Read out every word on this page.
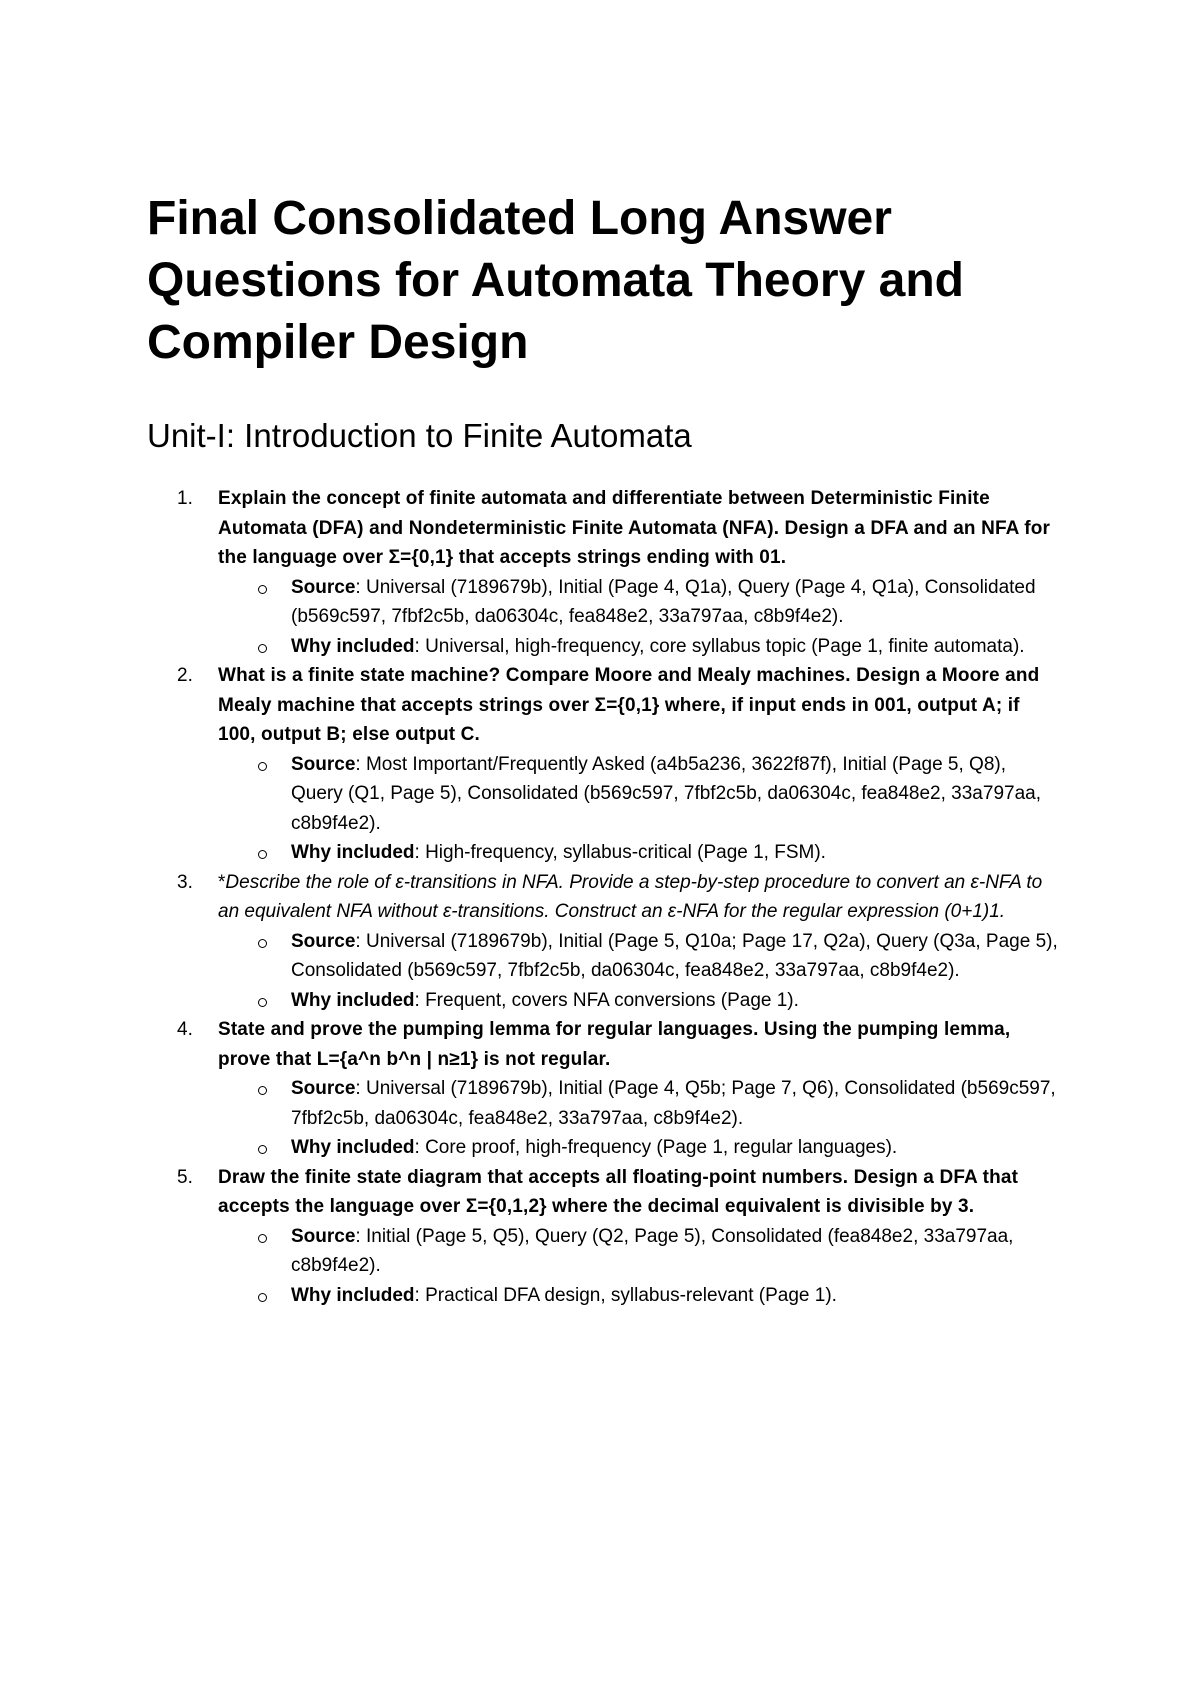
Final Consolidated Long Answer Questions for Automata Theory and Compiler Design
Unit-I: Introduction to Finite Automata
1. Explain the concept of finite automata and differentiate between Deterministic Finite Automata (DFA) and Nondeterministic Finite Automata (NFA). Design a DFA and an NFA for the language over Σ={0,1} that accepts strings ending with 01.
Source: Universal (7189679b), Initial (Page 4, Q1a), Query (Page 4, Q1a), Consolidated (b569c597, 7fbf2c5b, da06304c, fea848e2, 33a797aa, c8b9f4e2).
Why included: Universal, high-frequency, core syllabus topic (Page 1, finite automata).
2. What is a finite state machine? Compare Moore and Mealy machines. Design a Moore and Mealy machine that accepts strings over Σ={0,1} where, if input ends in 001, output A; if 100, output B; else output C.
Source: Most Important/Frequently Asked (a4b5a236, 3622f87f), Initial (Page 5, Q8), Query (Q1, Page 5), Consolidated (b569c597, 7fbf2c5b, da06304c, fea848e2, 33a797aa, c8b9f4e2).
Why included: High-frequency, syllabus-critical (Page 1, FSM).
3. *Describe the role of ε-transitions in NFA. Provide a step-by-step procedure to convert an ε-NFA to an equivalent NFA without ε-transitions. Construct an ε-NFA for the regular expression (0+1)1.
Source: Universal (7189679b), Initial (Page 5, Q10a; Page 17, Q2a), Query (Q3a, Page 5), Consolidated (b569c597, 7fbf2c5b, da06304c, fea848e2, 33a797aa, c8b9f4e2).
Why included: Frequent, covers NFA conversions (Page 1).
4. State and prove the pumping lemma for regular languages. Using the pumping lemma, prove that L={a^n b^n | n≥1} is not regular.
Source: Universal (7189679b), Initial (Page 4, Q5b; Page 7, Q6), Consolidated (b569c597, 7fbf2c5b, da06304c, fea848e2, 33a797aa, c8b9f4e2).
Why included: Core proof, high-frequency (Page 1, regular languages).
5. Draw the finite state diagram that accepts all floating-point numbers. Design a DFA that accepts the language over Σ={0,1,2} where the decimal equivalent is divisible by 3.
Source: Initial (Page 5, Q5), Query (Q2, Page 5), Consolidated (fea848e2, 33a797aa, c8b9f4e2).
Why included: Practical DFA design, syllabus-relevant (Page 1).
